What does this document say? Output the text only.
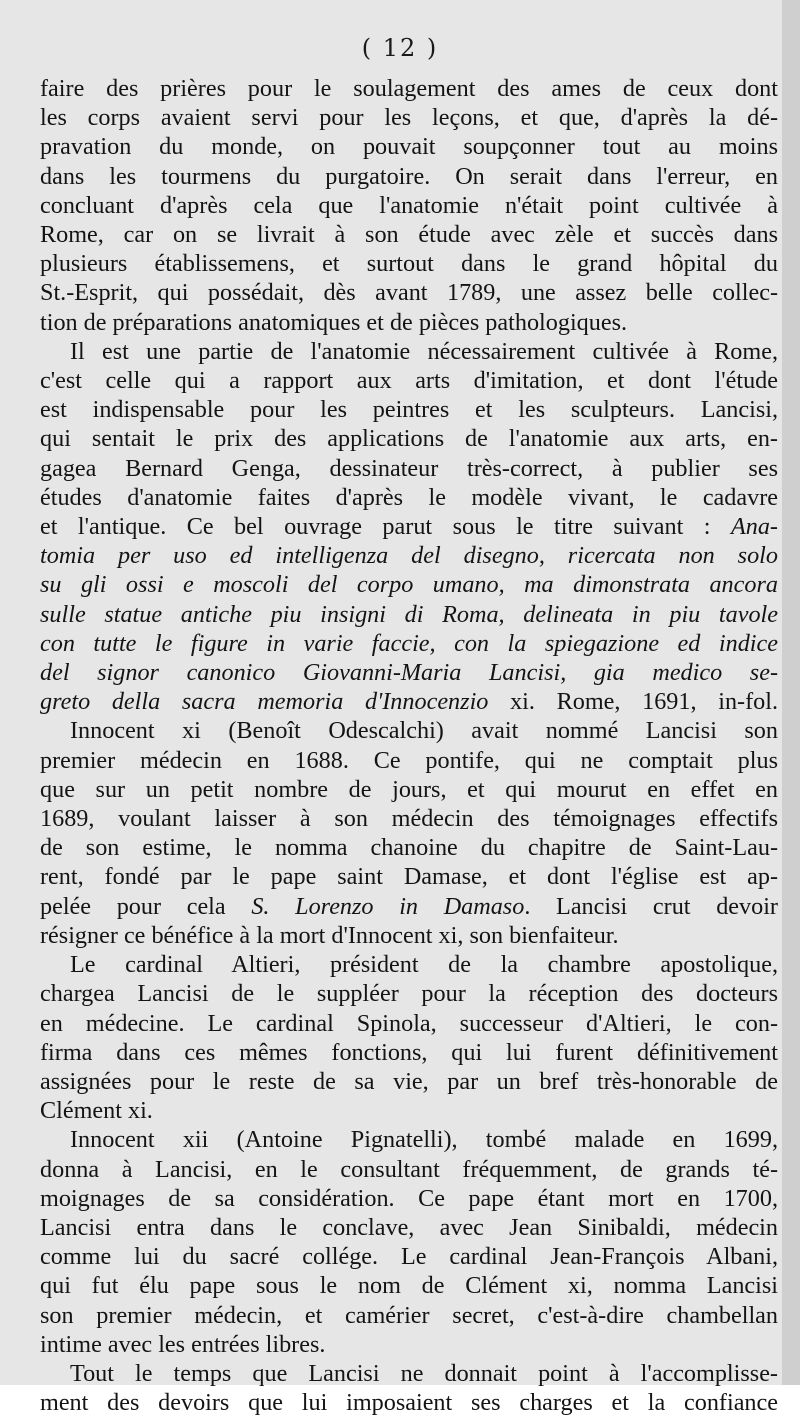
( 12 )
faire des prières pour le soulagement des ames de ceux dont
les corps avaient servi pour les leçons, et que, d'après la dé-
pravation du monde, on pouvait soupçonner tout au moins
dans les tourmens du purgatoire. On serait dans l'erreur, en
concluant d'après cela que l'anatomie n'était point cultivée à
Rome, car on se livrait à son étude avec zèle et succès dans
plusieurs établissemens, et surtout dans le grand hôpital du
St.-Esprit, qui possédait, dès avant 1789, une assez belle collec-
tion de préparations anatomiques et de pièces pathologiques.
Il est une partie de l'anatomie nécessairement cultivée à Rome,
c'est celle qui a rapport aux arts d'imitation, et dont l'étude
est indispensable pour les peintres et les sculpteurs. Lancisi,
qui sentait le prix des applications de l'anatomie aux arts, en-
gagea Bernard Genga, dessinateur très-correct, à publier ses
études d'anatomie faites d'après le modèle vivant, le cadavre
et l'antique. Ce bel ouvrage parut sous le titre suivant : Ana-
tomia per uso ed intelligenza del disegno, ricercata non solo
su gli ossi e moscoli del corpo umano, ma dimonstrata ancora
sulle statue antiche piu insigni di Roma, delineata in piu tavole
con tutte le figure in varie faccie, con la spiegazione ed indice
del signor canonico Giovanni-Maria Lancisi, gia medico se-
greto della sacra memoria d'Innocenzio xi. Rome, 1691, in-fol.
Innocent xi (Benoît Odescalchi) avait nommé Lancisi son
premier médecin en 1688. Ce pontife, qui ne comptait plus
que sur un petit nombre de jours, et qui mourut en effet en
1689, voulant laisser à son médecin des témoignages effectifs
de son estime, le nomma chanoine du chapitre de Saint-Lau-
rent, fondé par le pape saint Damase, et dont l'église est ap-
pelée pour cela S. Lorenzo in Damaso. Lancisi crut devoir
résigner ce bénéfice à la mort d'Innocent xi, son bienfaiteur.
Le cardinal Altieri, président de la chambre apostolique,
chargea Lancisi de le suppléer pour la réception des docteurs
en médecine. Le cardinal Spinola, successeur d'Altieri, le con-
firma dans ces mêmes fonctions, qui lui furent définitivement
assignées pour le reste de sa vie, par un bref très-honorable de
Clément xi.
Innocent xii (Antoine Pignatelli), tombé malade en 1699,
donna à Lancisi, en le consultant fréquemment, de grands té-
moignages de sa considération. Ce pape étant mort en 1700,
Lancisi entra dans le conclave, avec Jean Sinibaldi, médecin
comme lui du sacré collége. Le cardinal Jean-François Albani,
qui fut élu pape sous le nom de Clément xi, nomma Lancisi
son premier médecin, et camérier secret, c'est-à-dire chambellan
intime avec les entrées libres.
Tout le temps que Lancisi ne donnait point à l'accomplisse-
ment des devoirs que lui imposaient ses charges et la confiance
